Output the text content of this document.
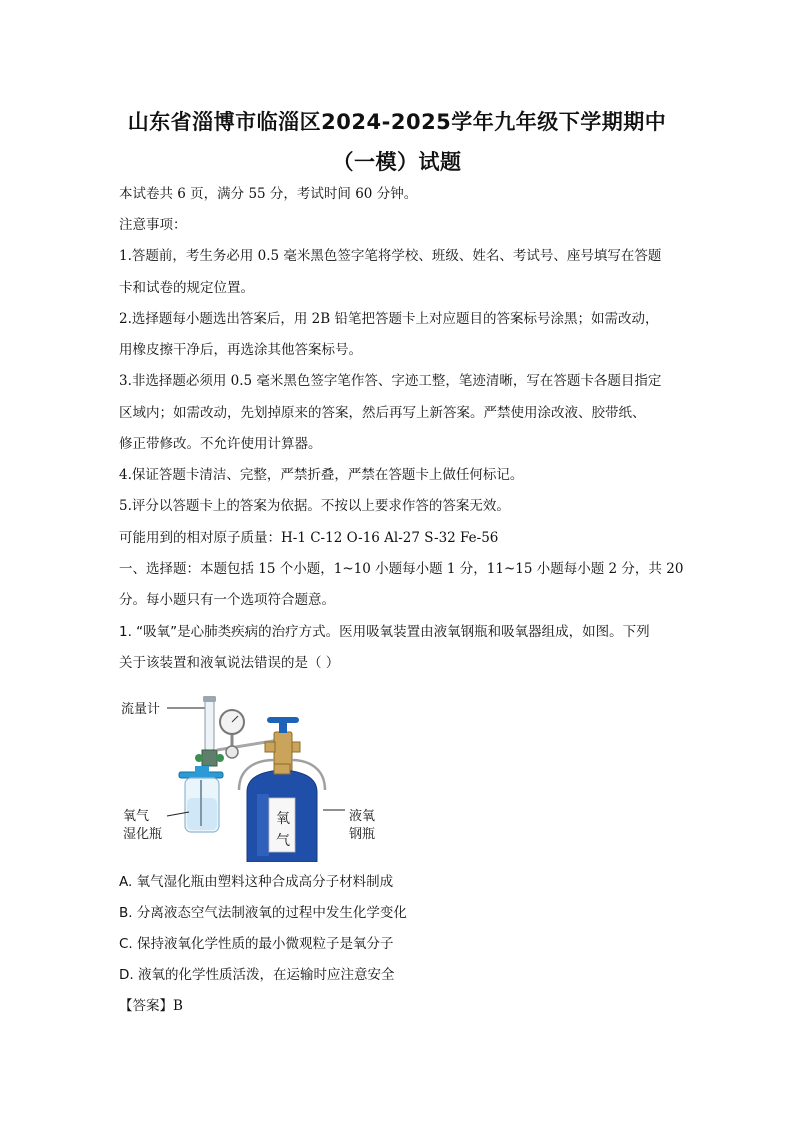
山东省淄博市临淄区2024-2025学年九年级下学期期中
（一模）试题
本试卷共 6 页，满分 55 分，考试时间 60 分钟。
注意事项：
1.答题前，考生务必用 0.5 毫米黑色签字笔将学校、班级、姓名、考试号、座号填写在答题
卡和试卷的规定位置。
2.选择题每小题选出答案后，用 2B 铅笔把答题卡上对应题目的答案标号涂黑；如需改动，
用橡皮擦干净后，再选涂其他答案标号。
3.非选择题必须用 0.5 毫米黑色签字笔作答、字迹工整，笔迹清晰，写在答题卡各题目指定
区域内；如需改动，先划掉原来的答案，然后再写上新答案。严禁使用涂改液、胶带纸、
修正带修改。不允许使用计算器。
4.保证答题卡清洁、完整，严禁折叠，严禁在答题卡上做任何标记。
5.评分以答题卡上的答案为依据。不按以上要求作答的答案无效。
可能用到的相对原子质量：H-1 C-12 O-16 Al-27 S-32 Fe-56
一、选择题：本题包括 15 个小题，1~10 小题每小题 1 分，11~15 小题每小题 2 分，共 20
分。每小题只有一个选项符合题意。
1. “吸氧”是心肺类疾病的治疗方式。医用吸氧装置由液氧钢瓶和吸氧器组成，如图。下列
关于该装置和液氧说法错误的是（ ）
流量计
氧气
湿化瓶
液氧
钢瓶
氧
气
A. 氧气湿化瓶由塑料这种合成高分子材料制成
B. 分离液态空气法制液氧的过程中发生化学变化
C. 保持液氧化学性质的最小微观粒子是氧分子
D. 液氧的化学性质活泼，在运输时应注意安全
【答案】B
